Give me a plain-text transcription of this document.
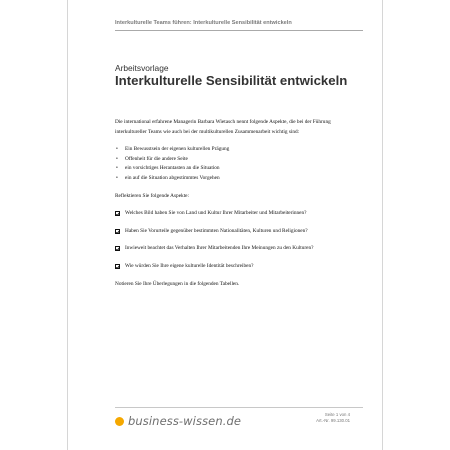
Interkulturelle Teams führen: Interkulturelle Sensibilität entwickeln
Arbeitsvorlage
Interkulturelle Sensibilität entwickeln

Die international erfahrene Managerin Barbara Wietasch nennt folgende Aspekte, die bei der Führung interkultureller Teams wie auch bei der multikulturellen Zusammenarbeit wichtig sind:

• Ein Bewusstsein der eigenen kulturellen Prägung
• Offenheit für die andere Seite
• ein vorsichtiges Herantasten an die Situation
• ein auf die Situation abgestimmtes Vorgehen

Reflektieren Sie folgende Aspekte:

Welches Bild haben Sie von Land und Kultur Ihrer Mitarbeiter und Mitarbeiterinnen?
Haben Sie Vorurteile gegenüber bestimmten Nationalitäten, Kulturen und Religionen?
Inwieweit beachtet das Verhalten Ihrer Mitarbeitenden Ihre Meinungen zu den Kulturen?
Wie würden Sie Ihre eigene kulturelle Identität beschreiben?

Notieren Sie Ihre Überlegungen in die folgenden Tabellen.

business-wissen.de	Seite 1 von 4
Art.-Nr. 99.130.01
